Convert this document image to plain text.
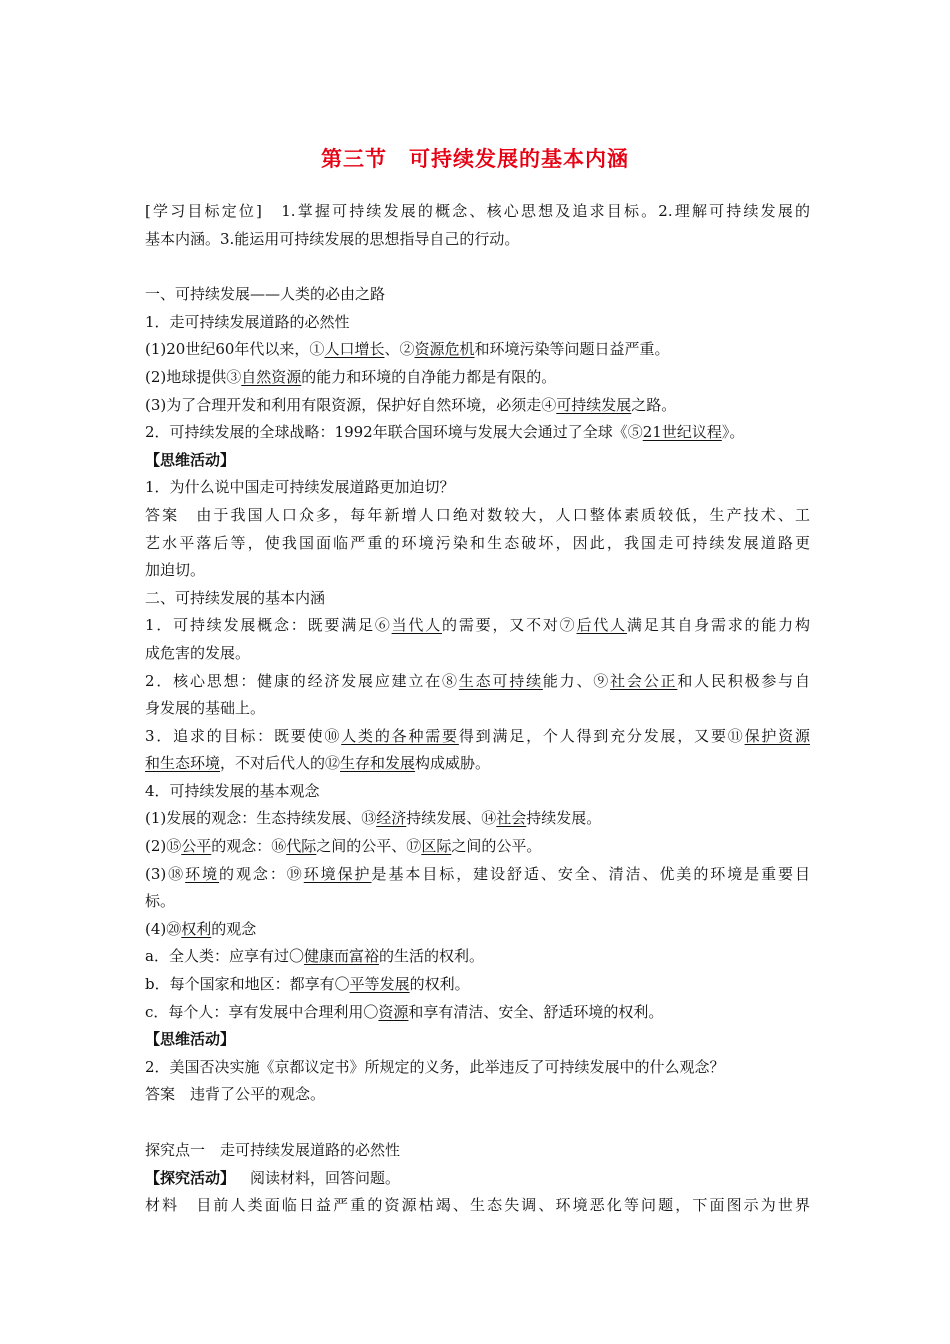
第三节　可持续发展的基本内涵
[学习目标定位]　1.掌握可持续发展的概念、核心思想及追求目标。2.理解可持续发展的
基本内涵。3.能运用可持续发展的思想指导自己的行动。
一、可持续发展——人类的必由之路
1．走可持续发展道路的必然性
(1)20世纪60年代以来，①人口增长、②资源危机和环境污染等问题日益严重。
(2)地球提供③自然资源的能力和环境的自净能力都是有限的。
(3)为了合理开发和利用有限资源，保护好自然环境，必须走④可持续发展之路。
2．可持续发展的全球战略：1992年联合国环境与发展大会通过了全球《⑤21世纪议程》。
【思维活动】
1．为什么说中国走可持续发展道路更加迫切？
答案　由于我国人口众多，每年新增人口绝对数较大，人口整体素质较低，生产技术、工
艺水平落后等，使我国面临严重的环境污染和生态破坏，因此，我国走可持续发展道路更
加迫切。
二、可持续发展的基本内涵
1．可持续发展概念：既要满足⑥当代人的需要，又不对⑦后代人满足其自身需求的能力构
成危害的发展。
2．核心思想：健康的经济发展应建立在⑧生态可持续能力、⑨社会公正和人民积极参与自
身发展的基础上。
3．追求的目标：既要使⑩人类的各种需要得到满足，个人得到充分发展，又要⑪保护资源
和生态环境，不对后代人的⑫生存和发展构成威胁。
4．可持续发展的基本观念
(1)发展的观念：生态持续发展、⑬经济持续发展、⑭社会持续发展。
(2)⑮公平的观念：⑯代际之间的公平、⑰区际之间的公平。
(3)⑱环境的观念：⑲环境保护是基本目标，建设舒适、安全、清洁、优美的环境是重要目
标。
(4)⑳权利的观念
a．全人类：应享有过〇健康而富裕的生活的权利。
b．每个国家和地区：都享有〇平等发展的权利。
c．每个人：享有发展中合理利用〇资源和享有清洁、安全、舒适环境的权利。
【思维活动】
2．美国否决实施《京都议定书》所规定的义务，此举违反了可持续发展中的什么观念？
答案　违背了公平的观念。
探究点一　走可持续发展道路的必然性
【探究活动】 阅读材料，回答问题。
材料　目前人类面临日益严重的资源枯竭、生态失调、环境恶化等问题，下面图示为世界
